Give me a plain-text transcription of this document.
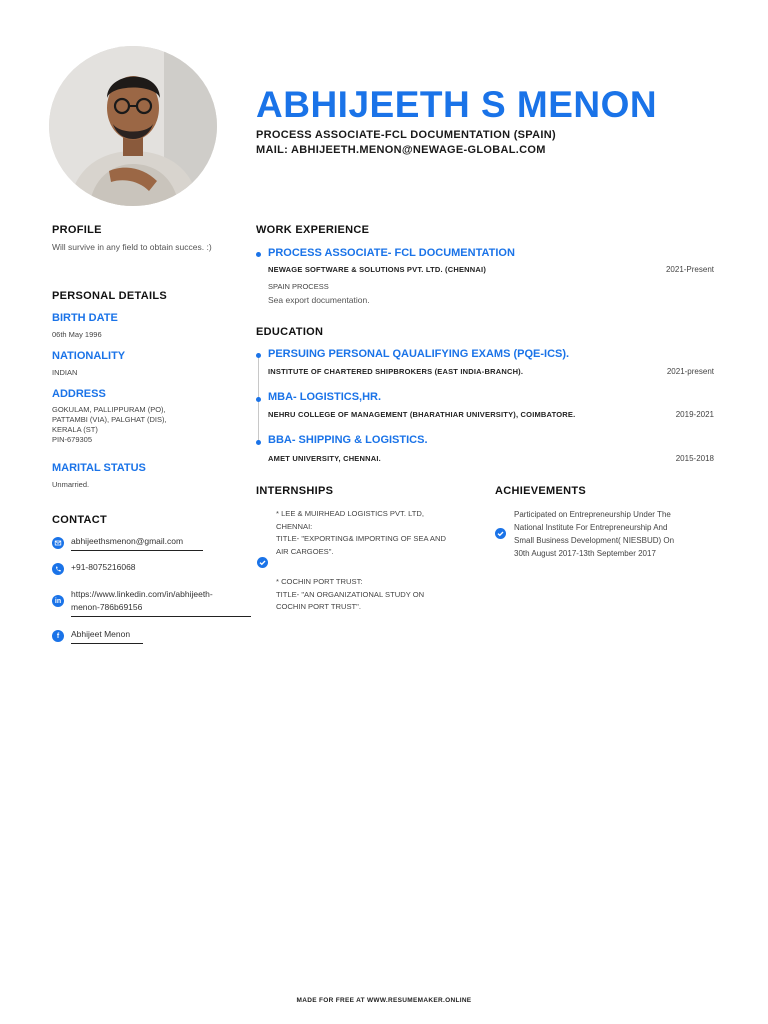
ABHIJEETH S MENON
PROCESS ASSOCIATE-FCL DOCUMENTATION (SPAIN)
MAIL: ABHIJEETH.MENON@NEWAGE-GLOBAL.COM
PROFILE

Will survive in any field to obtain succes. :)

PERSONAL DETAILS
BIRTH DATE

06th May 1996

NATIONALITY

INDIAN

ADDRESS
GOKULAM, PALLIPPURAM (PO),
PATTAMBI (VIA), PALGHAT (DIS),
KERALA (ST)
PIN-679305
MARITAL STATUS

Unmarried.

CONTACT
abhijeethsmenon@gmail.com
+91-8075216068
in
https://www.linkedin.com/in/abhijeeth-
menon-786b69156
f	Abhijeet Menon
WORK EXPERIENCE
PROCESS ASSOCIATE- FCL DOCUMENTATION

NEWAGE SOFTWARE & SOLUTIONS PVT. LTD. (CHENNAI)	2021-Present

SPAIN PROCESS

Sea export documentation.

EDUCATION
PERSUING PERSONAL QAUALIFYING EXAMS (PQE-ICS).

INSTITUTE OF CHARTERED SHIPBROKERS (EAST INDIA-BRANCH).	2021-present

MBA- LOGISTICS,HR.

NEHRU COLLEGE OF MANAGEMENT (BHARATHIAR UNIVERSITY), COIMBATORE.	2019-2021

BBA- SHIPPING & LOGISTICS.

AMET UNIVERSITY, CHENNAI.	2015-2018

INTERNSHIPS
* LEE & MUIRHEAD LOGISTICS PVT. LTD,
CHENNAI:
TITLE- "EXPORTING& IMPORTING OF SEA AND
AIR CARGOES".
* COCHIN PORT TRUST:
TITLE- "AN ORGANIZATIONAL STUDY ON
COCHIN PORT TRUST".
ACHIEVEMENTS
Participated on Entrepreneurship Under The
National Institute For Entrepreneurship And
Small Business Development( NIESBUD) On
30th August 2017-13th September 2017
MADE FOR FREE AT WWW.RESUMEMAKER.ONLINE
